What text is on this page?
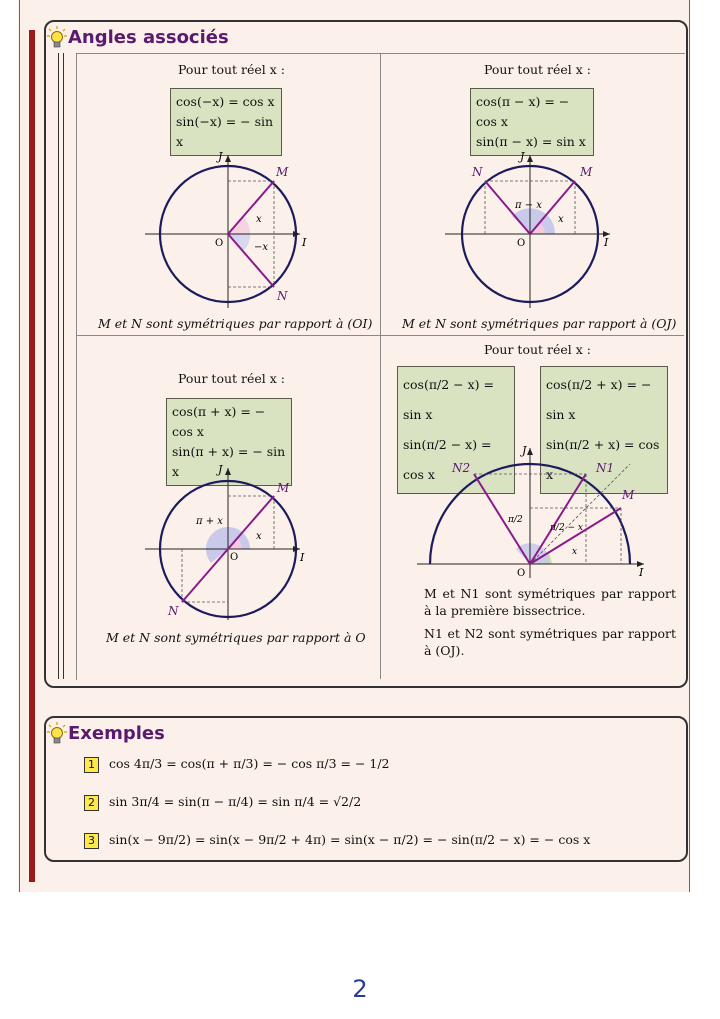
Angles associés
Pour tout réel x :
cos(−x) = cos x
sin(−x) = − sin x
M
N
J
O	I
x
−x
M et N sont symétriques par rapport à (OI)
Pour tout réel x :
cos(π − x) = − cos x
sin(π − x) = sin x
M
N
J
O	I
x
π − x
M et N sont symétriques par rapport à (OJ)
Pour tout réel x :
cos(π + x) = − cos x
sin(π + x) = − sin x
M
N
J
O	I
x
π + x
M et N sont symétriques par rapport à O
Pour tout réel x :
cos(π/2 − x) = sin x
sin(π/2 − x) = cos x
cos(π/2 + x) = − sin x
sin(π/2 + x) = cos x
M
N1
N2
J
O	I
x
π/2
π/2 − x
M et N1 sont symétriques par rapport à la première bissectrice.
N1 et N2 sont symétriques par rapport à (OJ).
Exemples
1 cos 4π/3 = cos(π + π/3) = − cos π/3 = − 1/2
2 sin 3π/4 = sin(π − π/4) = sin π/4 = √2/2
3 sin(x − 9π/2) = sin(x − 9π/2 + 4π) = sin(x − π/2) = − sin(π/2 − x) = − cos x
2
